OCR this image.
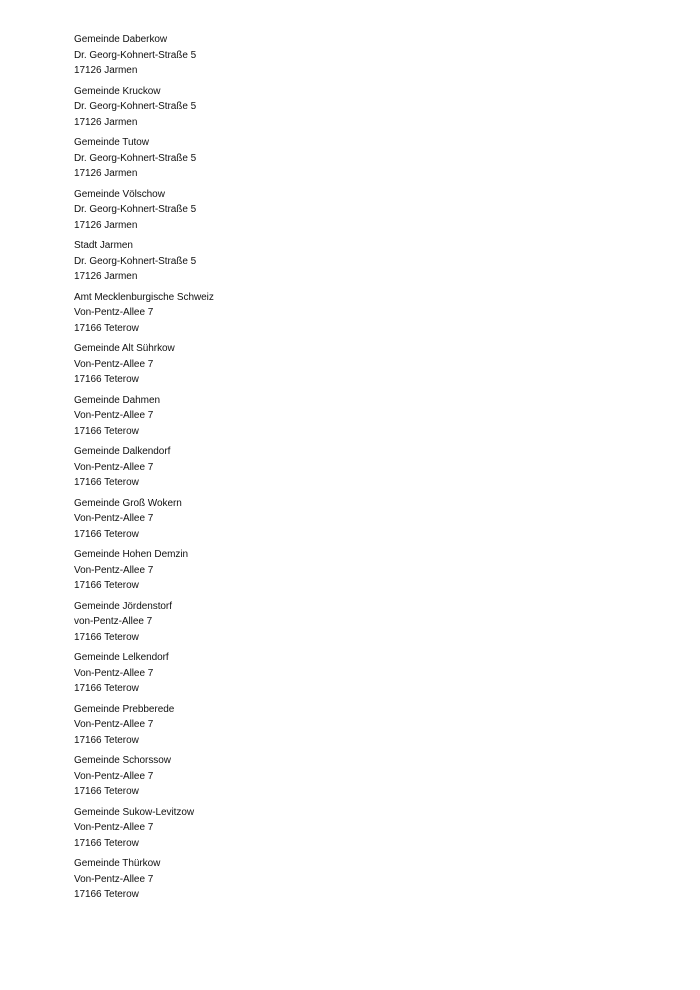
Gemeinde Daberkow
Dr. Georg-Kohnert-Straße 5
17126 Jarmen
Gemeinde Kruckow
Dr. Georg-Kohnert-Straße 5
17126 Jarmen
Gemeinde Tutow
Dr. Georg-Kohnert-Straße 5
17126 Jarmen
Gemeinde Völschow
Dr. Georg-Kohnert-Straße 5
17126 Jarmen
Stadt Jarmen
Dr. Georg-Kohnert-Straße 5
17126 Jarmen
Amt Mecklenburgische Schweiz
Von-Pentz-Allee 7
17166 Teterow
Gemeinde Alt Sührkow
Von-Pentz-Allee 7
17166 Teterow
Gemeinde Dahmen
Von-Pentz-Allee 7
17166 Teterow
Gemeinde Dalkendorf
Von-Pentz-Allee 7
17166 Teterow
Gemeinde Groß Wokern
Von-Pentz-Allee 7
17166 Teterow
Gemeinde Hohen Demzin
Von-Pentz-Allee 7
17166 Teterow
Gemeinde Jördenstorf
von-Pentz-Allee 7
17166 Teterow
Gemeinde Lelkendorf
Von-Pentz-Allee 7
17166 Teterow
Gemeinde Prebberede
Von-Pentz-Allee 7
17166 Teterow
Gemeinde Schorssow
Von-Pentz-Allee 7
17166 Teterow
Gemeinde Sukow-Levitzow
Von-Pentz-Allee 7
17166 Teterow
Gemeinde Thürkow
Von-Pentz-Allee 7
17166 Teterow
